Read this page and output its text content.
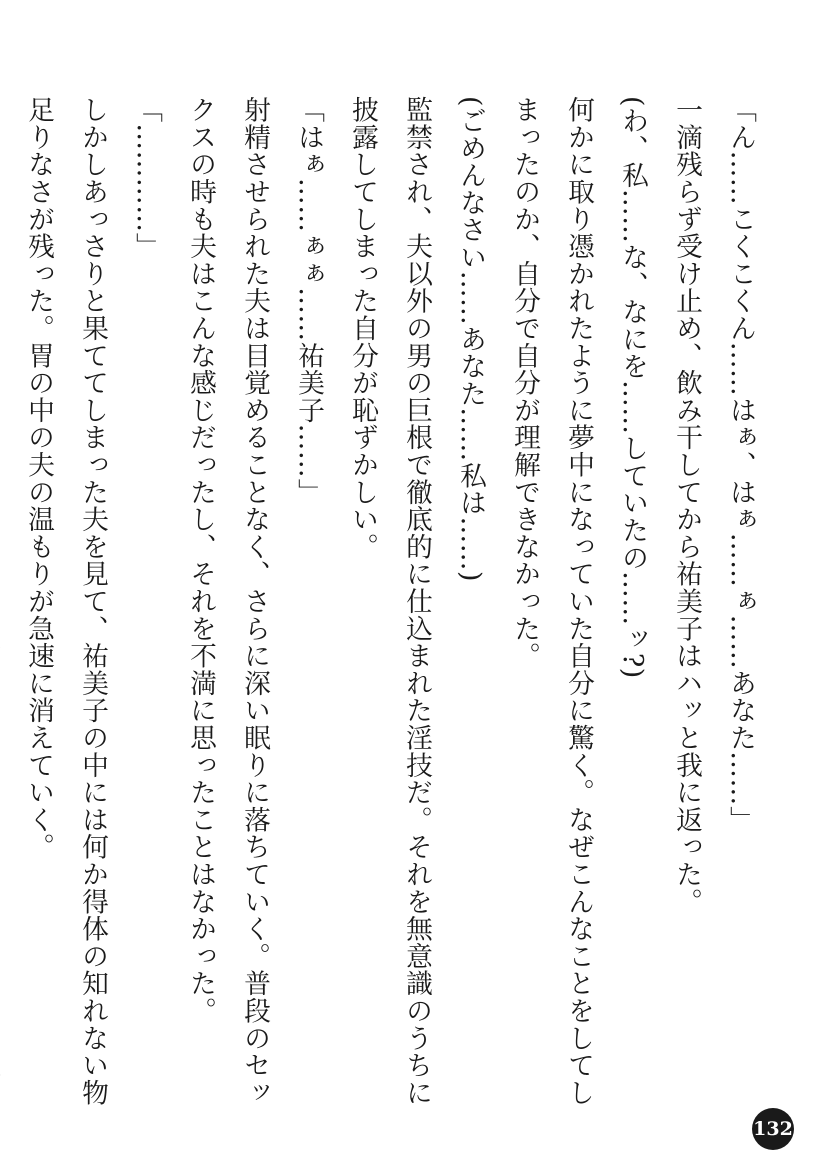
「ん……こくこくん……はぁ、はぁ……ぁ……あなた……」
一滴残らず受け止め、飲み干してから祐美子はハッと我に返った。
(わ、私……な、なにを……していたの……ッ?)
何かに取り憑かれたように夢中になっていた自分に驚く。なぜこんなことをしてし
まったのか、自分で自分が理解できなかった。
(ごめんなさい……あなた……私は……)
監禁され、夫以外の男の巨根で徹底的に仕込まれた淫技だ。それを無意識のうちに
披露してしまった自分が恥ずかしい。
「はぁ……ぁぁ……祐美子……」
射精させられた夫は目覚めることなく、さらに深い眠りに落ちていく。普段のセッ
クスの時も夫はこんな感じだったし、それを不満に思ったことはなかった。
「…………」
しかしあっさりと果ててしまった夫を見て、祐美子の中には何か得体の知れない物
足りなさが残った。胃の中の夫の温もりが急速に消えていく。
132
